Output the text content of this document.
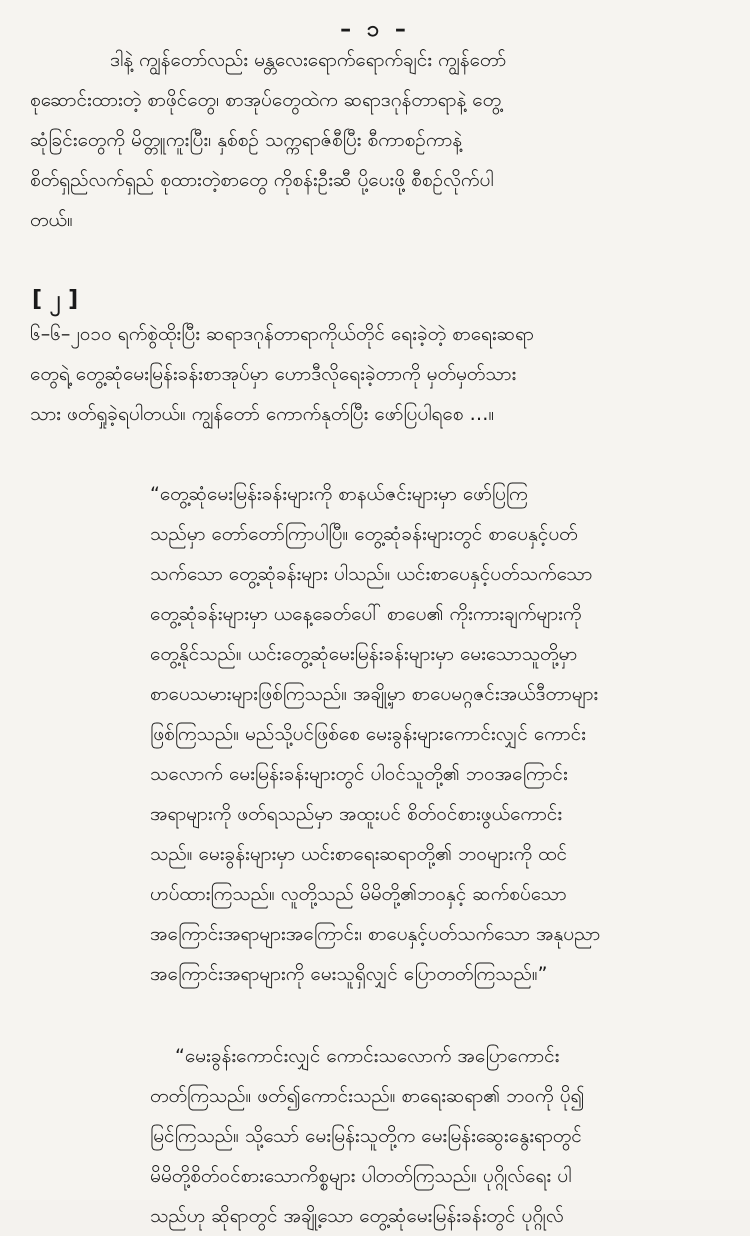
– ၁ –
ဒါနဲ့ ကျွန်တော်လည်း မန္တလေးရောက်ရောက်ချင်း ကျွန်တော်
စုဆောင်းထားတဲ့ စာဖိုင်တွေ၊ စာအုပ်တွေထဲက ဆရာဒဂုန်တာရာနဲ့ တွေ့
ဆုံခြင်းတွေကို မိတ္တူကူးပြီး၊ နှစ်စဉ် သက္ကရာဇ်စီပြီး စီကာစဉ်ကာနဲ့
စိတ်ရှည်လက်ရှည် စုထားတဲ့စာတွေ ကိုစန်းဦးဆီ ပို့ပေးဖို့ စီစဉ်လိုက်ပါ
တယ်။
[ ၂ ]
၆–၆–၂၀၁၀ ရက်စွဲထိုးပြီး ဆရာဒဂုန်တာရာကိုယ်တိုင် ရေးခဲ့တဲ့ စာရေးဆရာ
တွေရဲ့ တွေ့ဆုံမေးမြန်းခန်းစာအုပ်မှာ ဟောဒီလိုရေးခဲ့တာကို မှတ်မှတ်သား
သား ဖတ်ရှုခဲ့ရပါတယ်။ ကျွန်တော် ကောက်နုတ်ပြီး ဖော်ပြပါရစေ …။
“တွေ့ဆုံမေးမြန်းခန်းများကို စာနယ်ဇင်းများမှာ ဖော်ပြကြ
သည်မှာ တော်တော်ကြာပါပြီ။ တွေ့ဆုံခန်းများတွင် စာပေနှင့်ပတ်
သက်သော တွေ့ဆုံခန်းများ ပါသည်။ ယင်းစာပေနှင့်ပတ်သက်သော
တွေ့ဆုံခန်းများမှာ ယနေ့ခေတ်ပေါ် စာပေ၏ ကိုးကားချက်များကို
တွေ့နိုင်သည်။ ယင်းတွေ့ဆုံမေးမြန်းခန်းများမှာ မေးသောသူတို့မှာ
စာပေသမားများဖြစ်ကြသည်။ အချို့မှာ စာပေမဂ္ဂဇင်းအယ်ဒီတာများ
ဖြစ်ကြသည်။ မည်သို့ပင်ဖြစ်စေ မေးခွန်းများကောင်းလျှင် ကောင်း
သလောက် မေးမြန်းခန်းများတွင် ပါဝင်သူတို့၏ ဘဝအကြောင်း
အရာများကို ဖတ်ရသည်မှာ အထူးပင် စိတ်ဝင်စားဖွယ်ကောင်း
သည်။ မေးခွန်းများမှာ ယင်းစာရေးဆရာတို့၏ ဘဝများကို ထင်
ဟပ်ထားကြသည်။ လူတို့သည် မိမိတို့၏ဘဝနှင့် ဆက်စပ်သော
အကြောင်းအရာများအကြောင်း၊ စာပေနှင့်ပတ်သက်သော အနုပညာ
အကြောင်းအရာများကို မေးသူရှိလျှင် ပြောတတ်ကြသည်။”
“မေးခွန်းကောင်းလျှင် ကောင်းသလောက် အပြောကောင်း
တတ်ကြသည်။ ဖတ်၍ကောင်းသည်။ စာရေးဆရာ၏ ဘဝကို ပို၍
မြင်ကြသည်။ သို့သော် မေးမြန်းသူတို့က မေးမြန်းဆွေးနွေးရာတွင်
မိမိတို့စိတ်ဝင်စားသောကိစ္စများ ပါတတ်ကြသည်။ ပုဂ္ဂိုလ်ရေး ပါ
သည်ဟု ဆိုရာတွင် အချို့သော တွေ့ဆုံမေးမြန်းခန်းတွင် ပုဂ္ဂိုလ်
